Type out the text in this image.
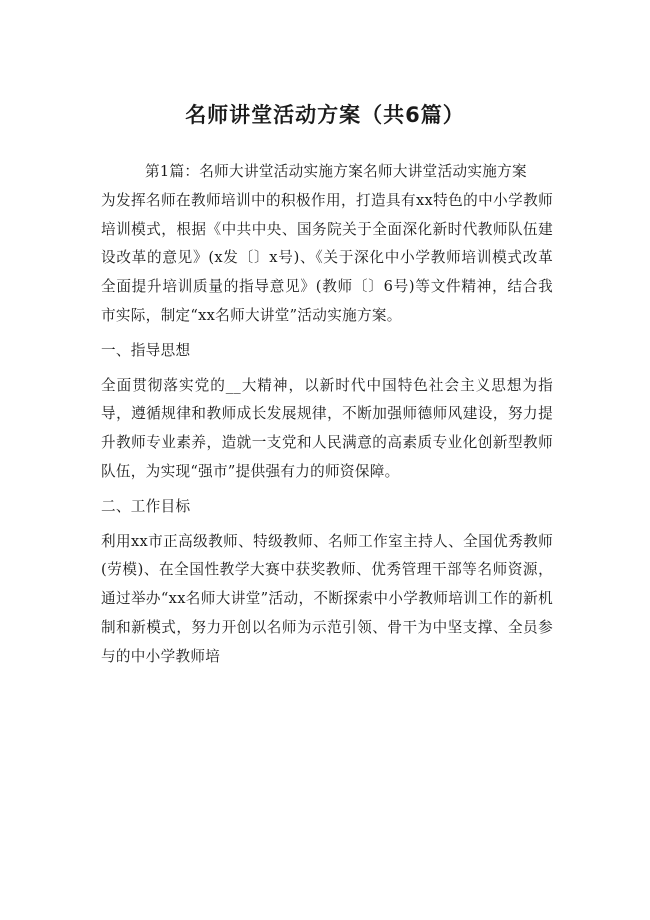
名师讲堂活动方案（共6篇）

第1篇：名师大讲堂活动实施方案名师大讲堂活动实施方案

为发挥名师在教师培训中的积极作用，打造具有xx特色的中小学教师培训模式，根据《中共中央、国务院关于全面深化新时代教师队伍建设改革的意见》(x发〔〕x号)、《关于深化中小学教师培训模式改革全面提升培训质量的指导意见》(教师〔〕6号)等文件精神，结合我市实际，制定“xx名师大讲堂”活动实施方案。

一、指导思想

全面贯彻落实党的__大精神，以新时代中国特色社会主义思想为指导，遵循规律和教师成长发展规律，不断加强师德师风建设，努力提升教师专业素养，造就一支党和人民满意的高素质专业化创新型教师队伍，为实现“强市”提供强有力的师资保障。

二、工作目标

利用xx市正高级教师、特级教师、名师工作室主持人、全国优秀教师(劳模)、在全国性教学大赛中获奖教师、优秀管理干部等名师资源，通过举办“xx名师大讲堂”活动，不断探索中小学教师培训工作的新机制和新模式，努力开创以名师为示范引领、骨干为中坚支撑、全员参与的中小学教师培
